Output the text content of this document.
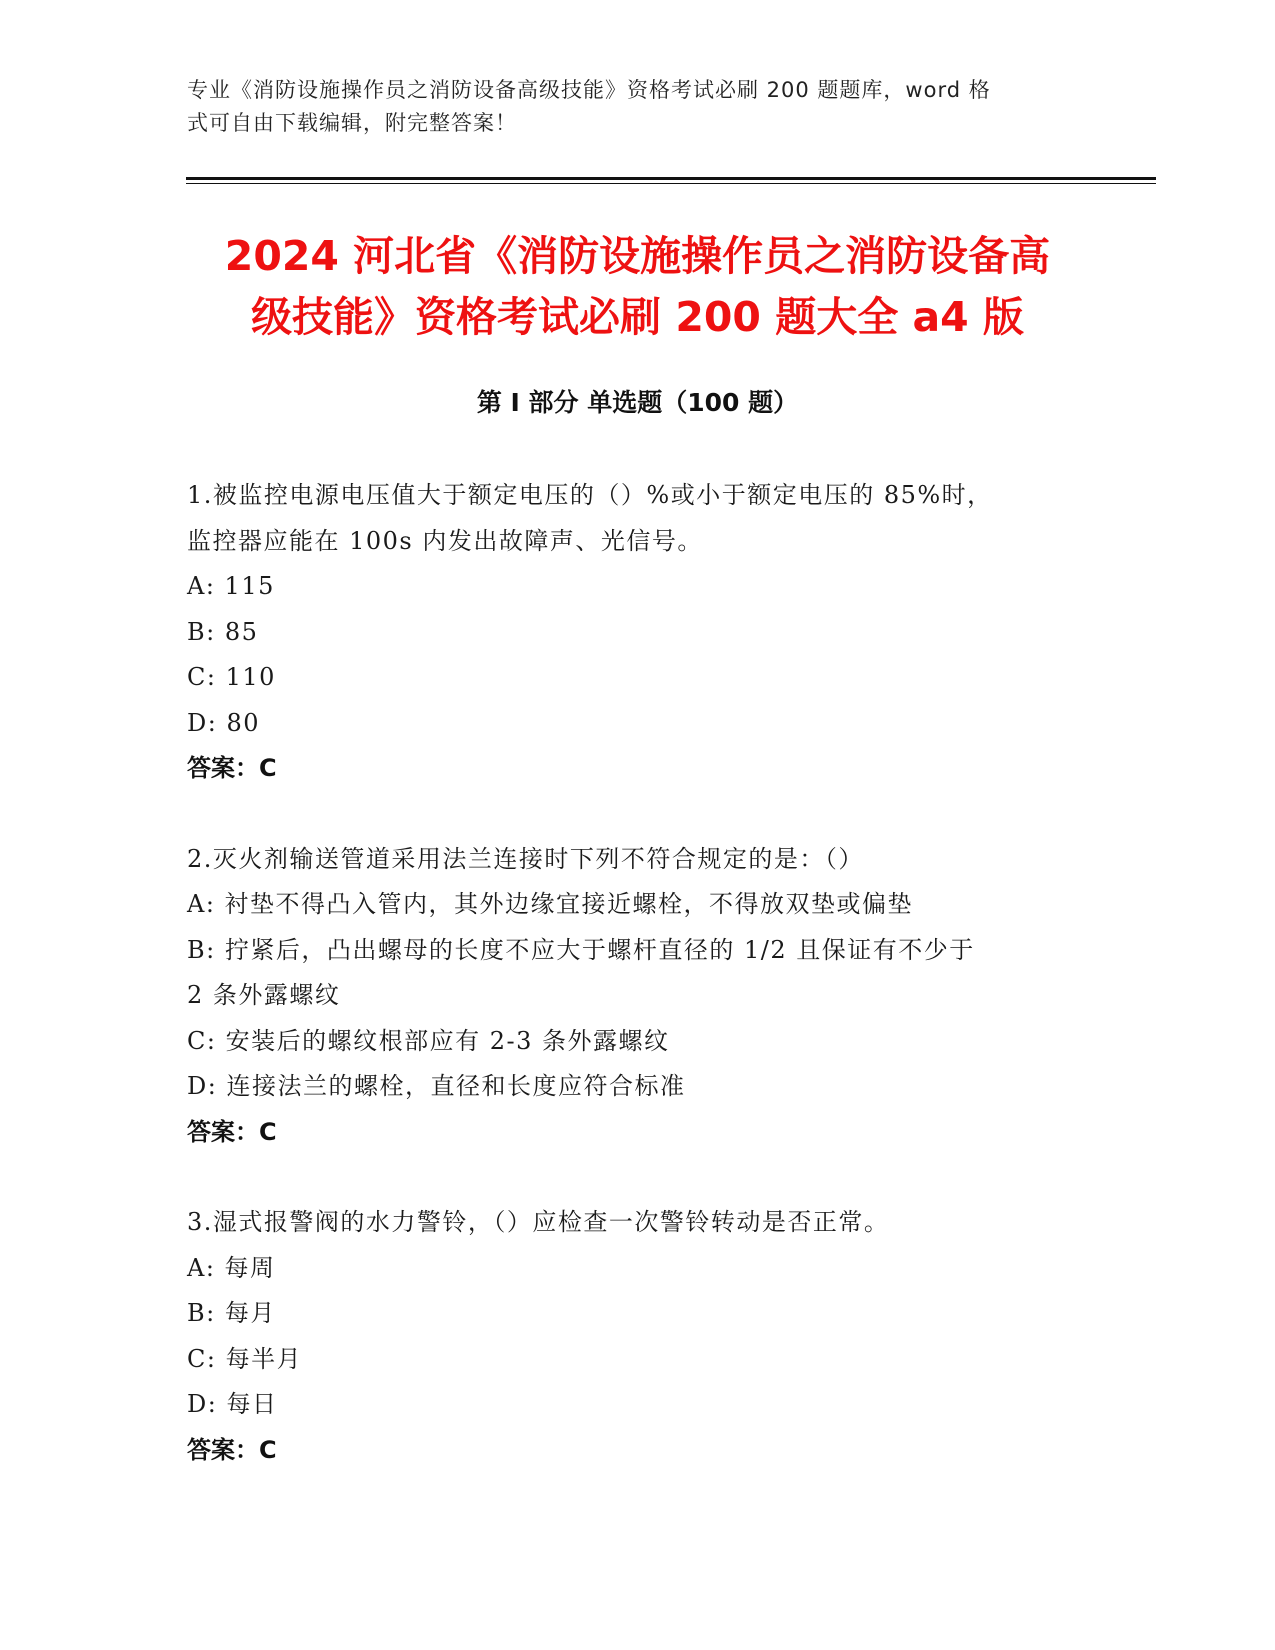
专业《消防设施操作员之消防设备高级技能》资格考试必刷 200 题题库，word 格
式可自由下载编辑，附完整答案！
2024 河北省《消防设施操作员之消防设备高
级技能》资格考试必刷 200 题大全 a4 版
第 I 部分 单选题（100 题）
1.被监控电源电压值大于额定电压的（）%或小于额定电压的 85%时，
监控器应能在 100s 内发出故障声、光信号。
A: 115
B: 85
C: 110
D: 80
答案：C
2.灭火剂输送管道采用法兰连接时下列不符合规定的是：（）
A: 衬垫不得凸入管内，其外边缘宜接近螺栓，不得放双垫或偏垫
B: 拧紧后，凸出螺母的长度不应大于螺杆直径的 1/2 且保证有不少于
2 条外露螺纹
C: 安装后的螺纹根部应有 2-3 条外露螺纹
D: 连接法兰的螺栓，直径和长度应符合标准
答案：C
3.湿式报警阀的水力警铃，（）应检查一次警铃转动是否正常。
A: 每周
B: 每月
C: 每半月
D: 每日
答案：C
